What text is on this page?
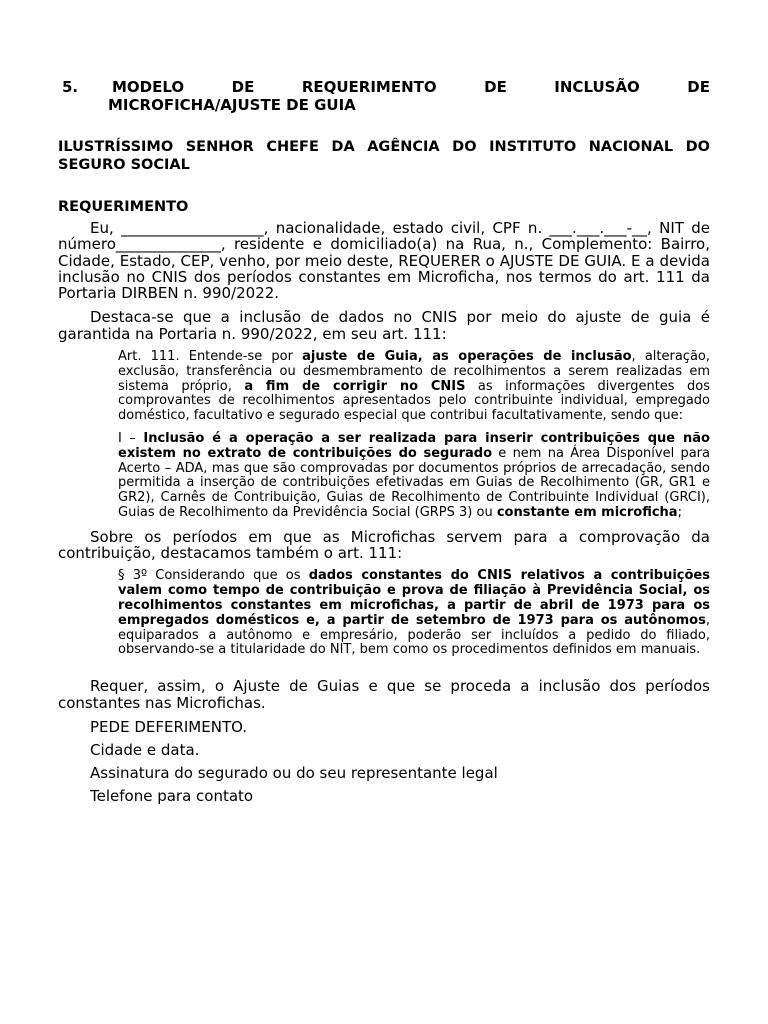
5.	MODELO DE REQUERIMENTO DE INCLUSÃO DE
MICROFICHA/AJUSTE DE GUIA
ILUSTRÍSSIMO SENHOR CHEFE DA AGÊNCIA DO INSTITUTO NACIONAL DO SEGURO SOCIAL
REQUERIMENTO

Eu, ___________________, nacionalidade, estado civil, CPF n. ___.___.___-__, NIT de número______________, residente e domiciliado(a) na Rua, n., Complemento: Bairro, Cidade, Estado, CEP, venho, por meio deste, REQUERER o AJUSTE DE GUIA. E a devida inclusão no CNIS dos períodos constantes em Microficha, nos termos do art. 111 da Portaria DIRBEN n. 990/2022.

Destaca-se que a inclusão de dados no CNIS por meio do ajuste de guia é garantida na Portaria n. 990/2022, em seu art. 111:

Art. 111. Entende-se por ajuste de Guia, as operações de inclusão, alteração, exclusão, transferência ou desmembramento de recolhimentos a serem realizadas em sistema próprio, a fim de corrigir no CNIS as informações divergentes dos comprovantes de recolhimentos apresentados pelo contribuinte individual, empregado doméstico, facultativo e segurado especial que contribui facultativamente, sendo que:
I – Inclusão é a operação a ser realizada para inserir contribuições que não existem no extrato de contribuições do segurado e nem na Área Disponível para Acerto – ADA, mas que são comprovadas por documentos próprios de arrecadação, sendo permitida a inserção de contribuições efetivadas em Guias de Recolhimento (GR, GR1 e GR2), Carnês de Contribuição, Guias de Recolhimento de Contribuinte Individual (GRCI), Guias de Recolhimento da Previdência Social (GRPS 3) ou constante em microficha;

Sobre os períodos em que as Microfichas servem para a comprovação da contribuição, destacamos também o art. 111:

§ 3º Considerando que os dados constantes do CNIS relativos a contribuições valem como tempo de contribuição e prova de filiação à Previdência Social, os recolhimentos constantes em microfichas, a partir de abril de 1973 para os empregados domésticos e, a partir de setembro de 1973 para os autônomos, equiparados a autônomo e empresário, poderão ser incluídos a pedido do filiado, observando-se a titularidade do NIT, bem como os procedimentos definidos em manuais.

Requer, assim, o Ajuste de Guias e que se proceda a inclusão dos períodos constantes nas Microfichas.

PEDE DEFERIMENTO.
Cidade e data.
Assinatura do segurado ou do seu representante legal
Telefone para contato
